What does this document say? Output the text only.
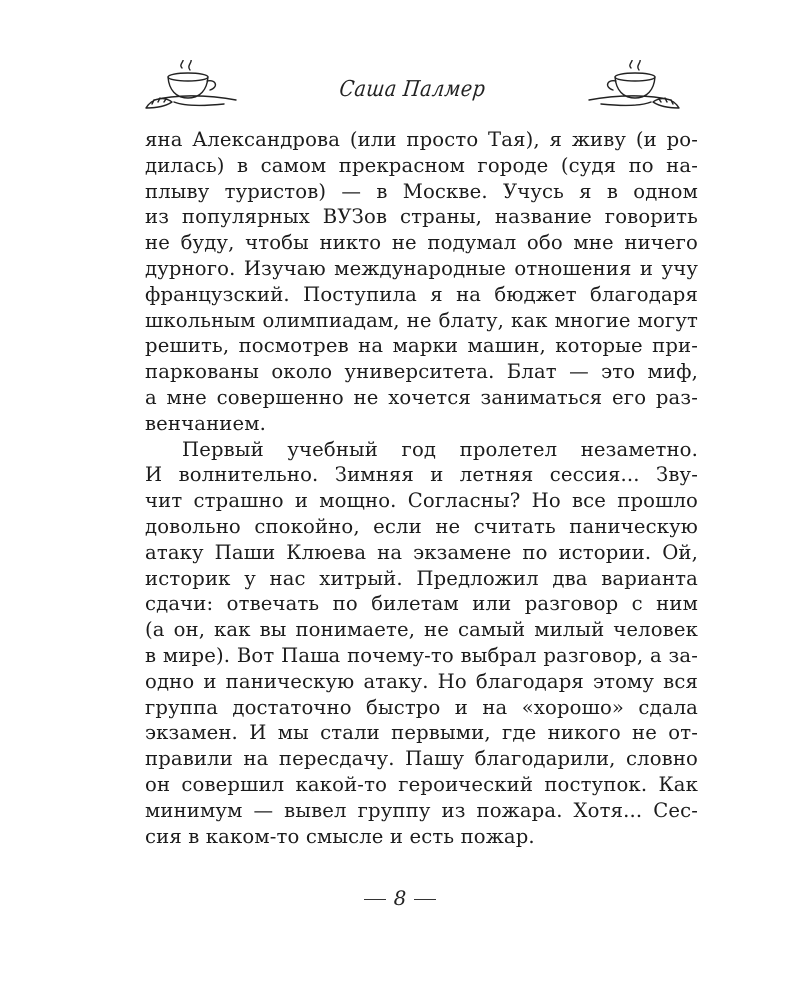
Саша Палмер

яна Александрова (или просто Тая), я живу (и ро-
дилась) в самом прекрасном городе (судя по на-
плыву туристов) — в Москве. Учусь я в одном
из популярных ВУЗов страны, название говорить
не буду, чтобы никто не подумал обо мне ничего
дурного. Изучаю международные отношения и учу
французский. Поступила я на бюджет благодаря
школьным олимпиадам, не блату, как многие могут
решить, посмотрев на марки машин, которые при-
паркованы около университета. Блат — это миф,
а мне совершенно не хочется заниматься его раз-
венчанием.

Первый учебный год пролетел незаметно.
И волнительно. Зимняя и летняя сессия... Зву-
чит страшно и мощно. Согласны? Но все прошло
довольно спокойно, если не считать паническую
атаку Паши Клюева на экзамене по истории. Ой,
историк у нас хитрый. Предложил два варианта
сдачи: отвечать по билетам или разговор с ним
(а он, как вы понимаете, не самый милый человек
в мире). Вот Паша почему-то выбрал разговор, а за-
одно и паническую атаку. Но благодаря этому вся
группа достаточно быстро и на «хорошо» сдала
экзамен. И мы стали первыми, где никого не от-
правили на пересдачу. Пашу благодарили, словно
он совершил какой-то героический поступок. Как
минимум — вывел группу из пожара. Хотя... Сес-
сия в каком-то смысле и есть пожар.

8
